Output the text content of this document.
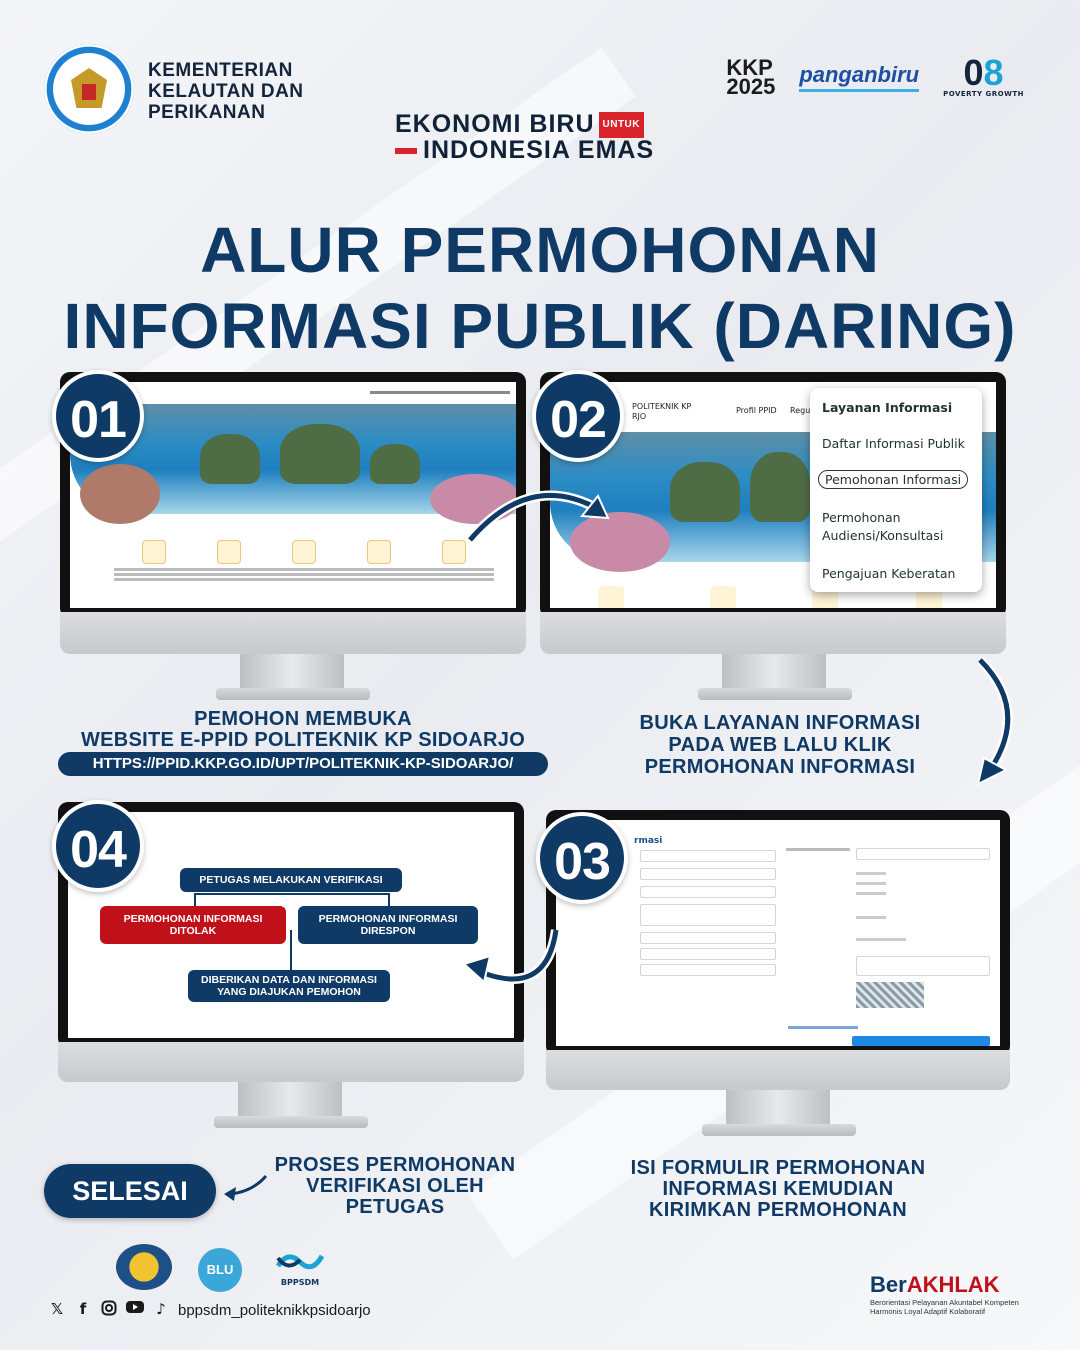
KEMENTERIAN
KELAUTAN DAN
PERIKANAN
KKP
2025 panganbiru 08
POVERTY GROWTH
EKONOMI BIRU UNTUK
INDONESIA EMAS
ALUR PERMOHONAN
INFORMASI PUBLIK (DARING)
01	POLITEKNIK KP
RJO
Profil PPID Regu Layanan Informasi
Daftar Informasi Publik
Pemohonan Informasi
Permohonan
Audiensi/Konsultasi
Pengajuan Keberatan
02
PEMOHON MEMBUKA
WEBSITE E-PPID POLITEKNIK KP SIDOARJO
HTTPS://PPID.KKP.GO.ID/UPT/POLITEKNIK-KP-SIDOARJO/
BUKA LAYANAN INFORMASI
PADA WEB LALU KLIK
PERMOHONAN INFORMASI
04
PETUGAS MELAKUKAN VERIFIKASI
PERMOHONAN INFORMASI
DITOLAK
PERMOHONAN INFORMASI
DIRESPON
DIBERIKAN DATA DAN INFORMASI
YANG DIAJUKAN PEMOHON
rmasi
03
PROSES PERMOHONAN
VERIFIKASI OLEH
PETUGAS
ISI FORMULIR PERMOHONAN
INFORMASI KEMUDIAN
KIRIMKAN PERMOHONAN
SELESAI
BLU
BPPSDM
𝕏	f	♪ bppsdm_politeknikkpsidoarjo
BerAKHLAK
Berorientasi Pelayanan Akuntabel Kompeten
Harmonis Loyal Adaptif Kolaboratif
